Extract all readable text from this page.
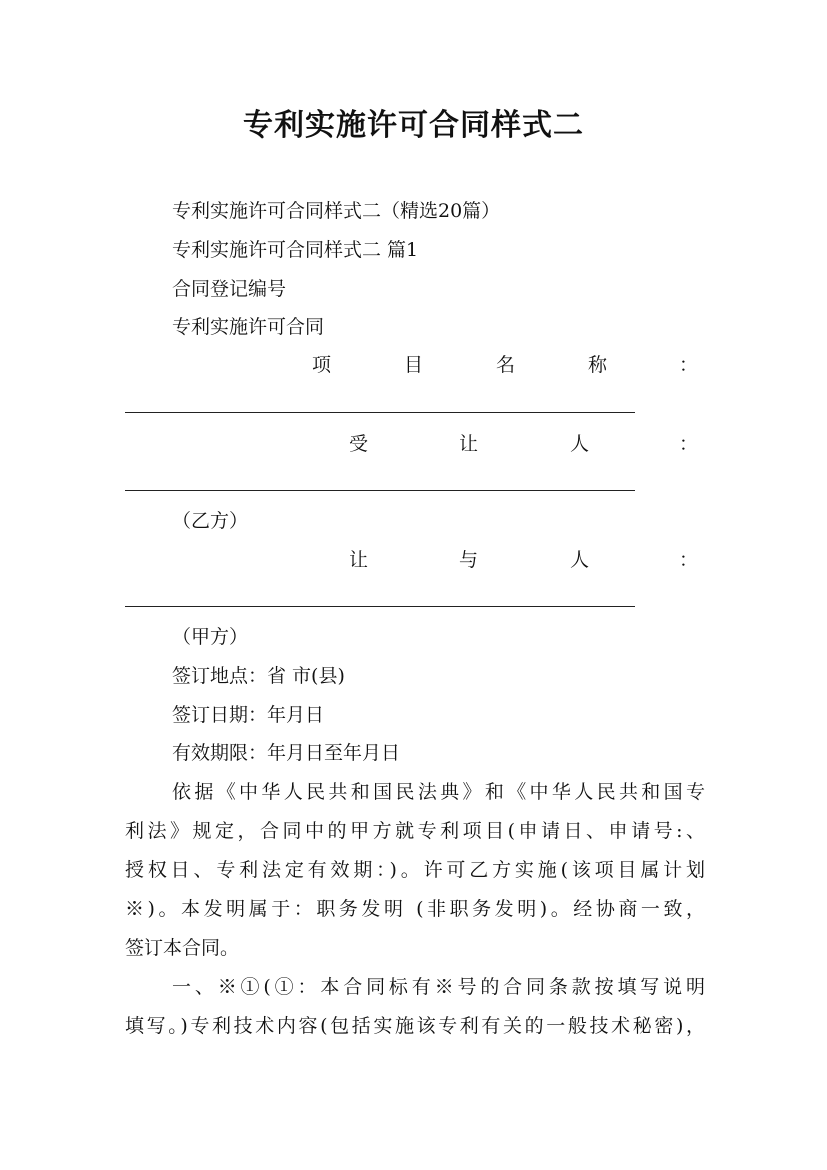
专利实施许可合同样式二
专利实施许可合同样式二（精选20篇）
专利实施许可合同样式二 篇1
合同登记编号
专利实施许可合同
项	目	名	称	：
受	让	人	：
（乙方）
让	与	人	：
（甲方）
签订地点：省 市(县)
签订日期：年月日
有效期限：年月日至年月日
依据《中华人民共和国民法典》和《中华人民共和国专
利法》规定，合同中的甲方就专利项目(申请日、申请号:、
授权日、专利法定有效期：)。许可乙方实施(该项目属计划
※)。本发明属于：职务发明 (非职务发明)。经协商一致，
签订本合同。
一、※①(①：本合同标有※号的合同条款按填写说明
填写。)专利技术内容(包括实施该专利有关的一般技术秘密)，
